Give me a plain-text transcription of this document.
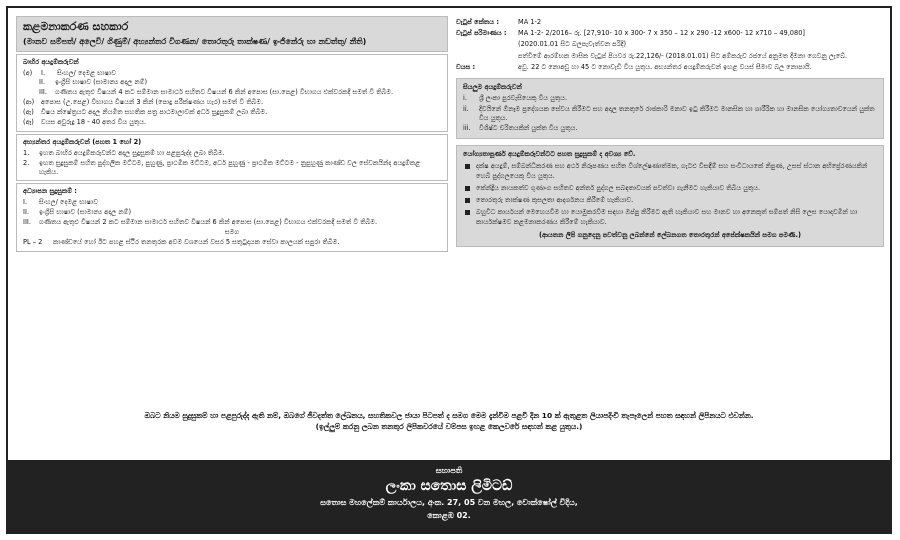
කළමනාකරණ සහකාර
(මානව සම්පත්/ අලෙවි/ ගිණුම්/ අභ්‍යන්තර විගණන/ තොරතුරු තාක්ෂණ/ ඉංජිනේරු හා නඩත්තු/ නීති)
බාහිර අයදුම්කරුවන්
(අ)	I.	සිංහල/ දෙමළ භාෂාව
II.	ඉංග්‍රීසි භාෂාව (සාමාන්‍ය අදාල නම්)
III.	ගණිතය ඇතුළු විෂයන් 4 කට සම්මාන සාමාර්ථ සහිතව විෂයන් 6 කින් අපොස (සා.පෙළ) විභාගය එක්වරකදී සමත් වී තිබීම.
(ආ)	අපොස (උ.පෙළ) විභාගය විෂයන් 3 කින් (පොදු පරීක්ෂණය හැර) සමත් වී තිබීම.
(ඇ)	විෂය ක්ෂේත්‍රයට අදාල නියමිත සහතික පත්‍ර පාඨමාලාවක් අර්ධ සුදුසුකම් ලබා තිබීම.
(ඈ)	වයස අවුරුදු 18 - 40 අතර විය යුතුය.
අභ්‍යන්තර අයදුම්කරුවන් (පහත 1 හෝ 2)
1.	ඉහත බාහිර අයදුම්කරුවන්ට අදාල සුදුසුකම් හා පළපුරුද්ද ලබා තිබීම.
2.	ඉහත සුදුසුකම් සහිත පුද්ගලික මට්ටම, පුහුණු, ප්‍රාථමික මට්ටම, අර්ධ පුහුණු - ප්‍රාථමික මට්ටම - නුපුහුණු කාණ්ඩ වල සේවකයින්ද අයදුම්කළ හැකිය.
අධ්‍යාපන සුදුසුකම් :
I.	සිංහල/ දෙමළ භාෂාව
II.	ඉංග්‍රීසි භාෂාව (සාමාන්‍ය අදාල නම්)
III.	ගණිතය ඇතුළු විෂයන් 2 කට සම්මාන සාමාර්ථ සහිතව විෂයන් 6 කින් අපොස (සා.පෙළ) විභාගය එක්වරකදී සමත් වී තිබීම.
සමග
PL – 2	කාණ්ඩයේ හෝ ඊට පහළ ස්ථිර තනතුරක අවම වශයෙන් වසර 5 සතුටුදායක සේවා කාලයක් සපුරා තිබීම.
වැටුප් කේතය :	MA 1-2
වැටුප් පරිමාණය :	MA 1-2- 2/2016– රු. [27,910- 10 x 300- 7 x 350 – 12 x 290 -12 x600- 12 x710 – 49,080]
(2020.01.01 සිට බලපැවැත්වන පරිදි)
පත්වීමේ ආරම්භක මාසික වැටුප් පියවර රු.22,126/- (2018.01.01) සිට අම්කරුව රජයේ අනුමත දීමනා ගෙවනු ලැබේ.
වයස :	අවු. 22 ට නොඅඩු හා 45 ට නොවැඩි විය යුතුය. අභ්‍යන්තර අයදුම්කරුවන් ඉහළ වයස් සීමාව බල නොපායි.
සියලුම අයදුම්කරුවන්
i.	ශ්‍රී ලංකා පුරවැසියෙකු විය යුතුය.
ii.	දිවයිනේ ඕනෑම ප්‍රදේශයක සේවය කිරීමට සහ අදාල තනතුරේ රාජකාරි මනාව ඉටු කිරීමට මානසික හා ශාරීරික හා මානසික යෝග්‍යතාවයෙන් යුක්ත විය යුතුය.
iii.	විශිෂ්ට චරිතයකින් යුක්ත විය යුතුය.
යෝග්‍යතාපූර්ණ අයදුම්කරුවන්ටට පහත සුදුසුකම් ද අවශ්‍ය වේ.
දක්ෂ අයදුම්, සම්බන්ධීකරණ සහ අර්ථ නිරූපණය සහිත විශ්ලේෂණාත්මක, ගැටළු විසඳීම් සහ සංවිධායකේ නිපුණ, උසස් ස්ථාන අභිප්‍රේරණයකින් හෙබි පුද්ගලයෙකු විය යුතුය.
කේන්ද්‍රීය නායකත්ව ගුණාංග සහිතව අන්තර් පුද්ගල සබඳතාවයක් පවත්වා ගැනීමට හැකියාව තිබිය යුතුය.
තොරතුරු තාක්ෂණ කුසලතා ආදර්ශනය කිරීමේ හැකියාව.
බහුවිධ කාර්යයන් මෙහෙයවීම හා යොමුකරවීම සඳහා ඔප්පු කිරීමට ඇති හැකියාව සහ මානව හා අනෙකුත් සම්පත් නිසි ලෙස යොදවමින් හා කාර්යක්ෂමව කළමනාකරණය කිරීමේ හැකියාව.
(ආයතන ලිපි ගනුදෙනු පවත්වනු ලබන්නේ ලේඛනගත තොරතුරන් අපේක්ෂකයින් සමග පමණි.)
ඔබට නියම සුදුසුකම් හා පළපුරුද්ද ඇති නම්, ඔබගේ ජීවදත්ත ලේඛනය, සහතිකවල ජායා පිටපත් ද සමග මෙම දැන්වීම පළවී දින 10 ක් ඇතුළත ලියාපදිංචි තැපෑලෙන් පහත සඳහන් ලිපිනයට එවන්න.
(ඉල්ලුම් කරනු ලබන තනතුර ලිපිකවරයේ වම්පස ඉහළ කෙලවරේ සඳහන් කළ යුතුය.)
සභාපති
ලංකා සතොස ලිමිටඩ්
සතොස මහලේකම් කාර්යාලය, අංක. 27, 05 වන මහල, වොක්ෂෝල් විදිය,
කොළඹ 02.
